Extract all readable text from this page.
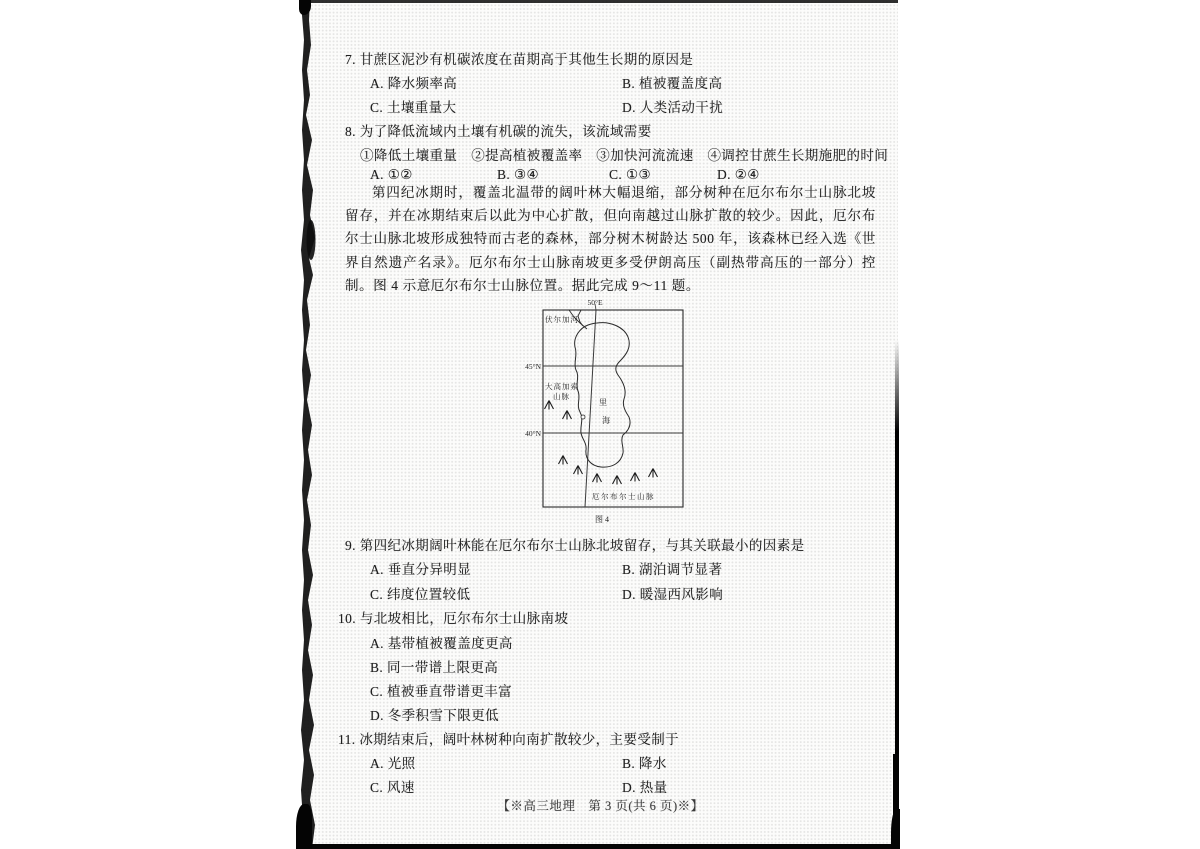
7. 甘蔗区泥沙有机碳浓度在苗期高于其他生长期的原因是
A. 降水频率高	B. 植被覆盖度高
C. 土壤重量大	D. 人类活动干扰
8. 为了降低流域内土壤有机碳的流失，该流域需要
①降低土壤重量　②提高植被覆盖率　③加快河流流速　④调控甘蔗生长期施肥的时间
A. ①②	B. ③④	C. ①③	D. ②④
第四纪冰期时，覆盖北温带的阔叶林大幅退缩，部分树种在厄尔布尔士山脉北坡留存，并在冰期结束后以此为中心扩散，但向南越过山脉扩散的较少。因此，厄尔布尔士山脉北坡形成独特而古老的森林，部分树木树龄达 500 年，该森林已经入选《世界自然遗产名录》。厄尔布尔士山脉南坡更多受伊朗高压（副热带高压的一部分）控制。图 4 示意厄尔布尔士山脉位置。据此完成 9～11 题。
50°E
45°N
40°N
伏尔加河
大高加索
山脉
里
海
厄尔布尔士山脉
图 4
9. 第四纪冰期阔叶林能在厄尔布尔士山脉北坡留存，与其关联最小的因素是
A. 垂直分异明显	B. 湖泊调节显著
C. 纬度位置较低	D. 暖湿西风影响
10. 与北坡相比，厄尔布尔士山脉南坡
A. 基带植被覆盖度更高
B. 同一带谱上限更高
C. 植被垂直带谱更丰富
D. 冬季积雪下限更低
11. 冰期结束后，阔叶林树种向南扩散较少，主要受制于
A. 光照	B. 降水
C. 风速	D. 热量
【※高三地理　第 3 页(共 6 页)※】
